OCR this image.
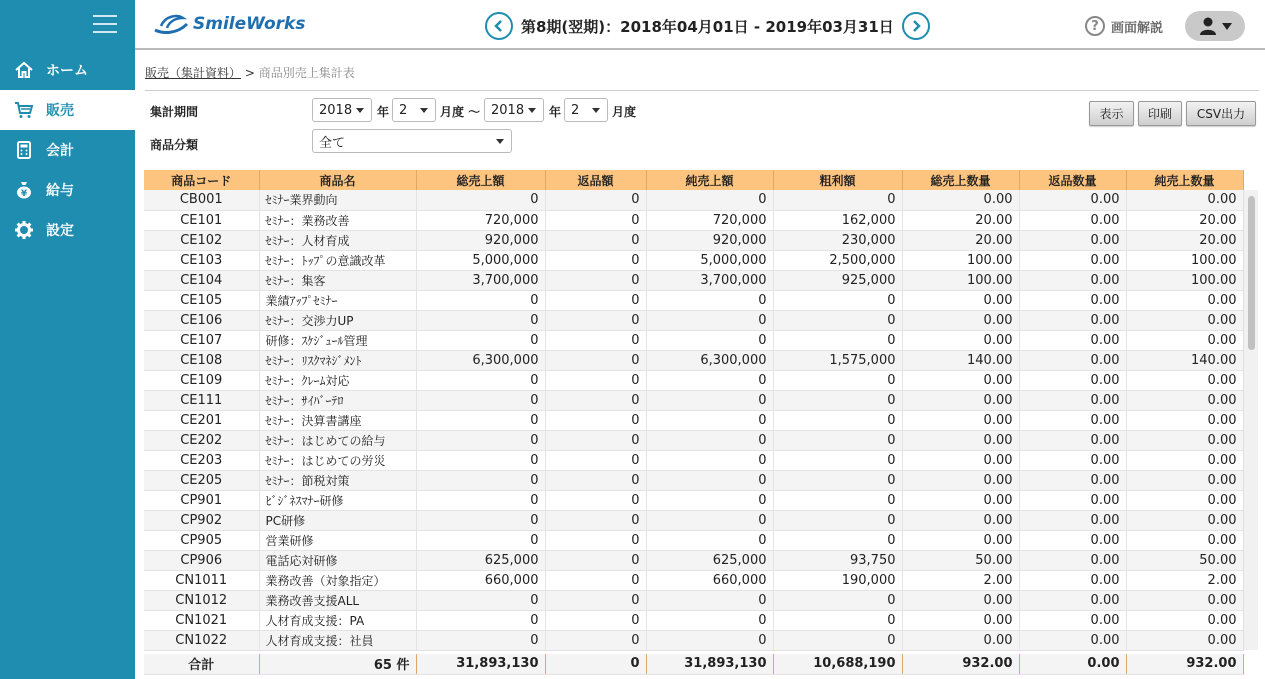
ホーム
販売
会計
¥ 給与
設定
SmileWorks	第8期(翌期)：2018年04月01日 - 2019年03月31日	? 画面解説
販売（集計資料） > 商品別売上集計表
集計期間	2018 年 2	月度 〜 2018 年 2	月度
商品分類	全て
表示	印刷	CSV出力
商品コード	商品名	総売上額	返品額	純売上額	粗利額	総売上数量	返品数量	純売上数量
CB001	ｾﾐﾅｰ業界動向	0	0	0	0	0.00	0.00	0.00
CE101	ｾﾐﾅｰ：業務改善	720,000	0	720,000	162,000	20.00	0.00	20.00
CE102	ｾﾐﾅｰ：人材育成	920,000	0	920,000	230,000	20.00	0.00	20.00
CE103	ｾﾐﾅｰ：ﾄｯﾌﾟの意識改革	5,000,000	0	5,000,000	2,500,000	100.00	0.00	100.00
CE104	ｾﾐﾅｰ：集客	3,700,000	0	3,700,000	925,000	100.00	0.00	100.00
CE105	業績ｱｯﾌﾟｾﾐﾅｰ	0	0	0	0	0.00	0.00	0.00
CE106	ｾﾐﾅｰ：交渉力UP	0	0	0	0	0.00	0.00	0.00
CE107	研修：ｽｹｼﾞｭｰﾙ管理	0	0	0	0	0.00	0.00	0.00
CE108	ｾﾐﾅｰ：ﾘｽｸﾏﾈｼﾞﾒﾝﾄ	6,300,000	0	6,300,000	1,575,000	140.00	0.00	140.00
CE109	ｾﾐﾅｰ：ｸﾚｰﾑ対応	0	0	0	0	0.00	0.00	0.00
CE111	ｾﾐﾅｰ：ｻｲﾊﾞｰﾃﾛ	0	0	0	0	0.00	0.00	0.00
CE201	ｾﾐﾅｰ：決算書講座	0	0	0	0	0.00	0.00	0.00
CE202	ｾﾐﾅｰ：はじめての給与	0	0	0	0	0.00	0.00	0.00
CE203	ｾﾐﾅｰ：はじめての労災	0	0	0	0	0.00	0.00	0.00
CE205	ｾﾐﾅｰ：節税対策	0	0	0	0	0.00	0.00	0.00
CP901	ﾋﾞｼﾞﾈｽﾏﾅｰ研修	0	0	0	0	0.00	0.00	0.00
CP902	PC研修	0	0	0	0	0.00	0.00	0.00
CP905	営業研修	0	0	0	0	0.00	0.00	0.00
CP906	電話応対研修	625,000	0	625,000	93,750	50.00	0.00	50.00
CN1011	業務改善（対象指定）	660,000	0	660,000	190,000	2.00	0.00	2.00
CN1012	業務改善支援ALL	0	0	0	0	0.00	0.00	0.00
CN1021	人材育成支援：PA	0	0	0	0	0.00	0.00	0.00
CN1022	人材育成支援：社員	0	0	0	0	0.00	0.00	0.00
合計	65 件	31,893,130	0	31,893,130	10,688,190	932.00	0.00	932.00
